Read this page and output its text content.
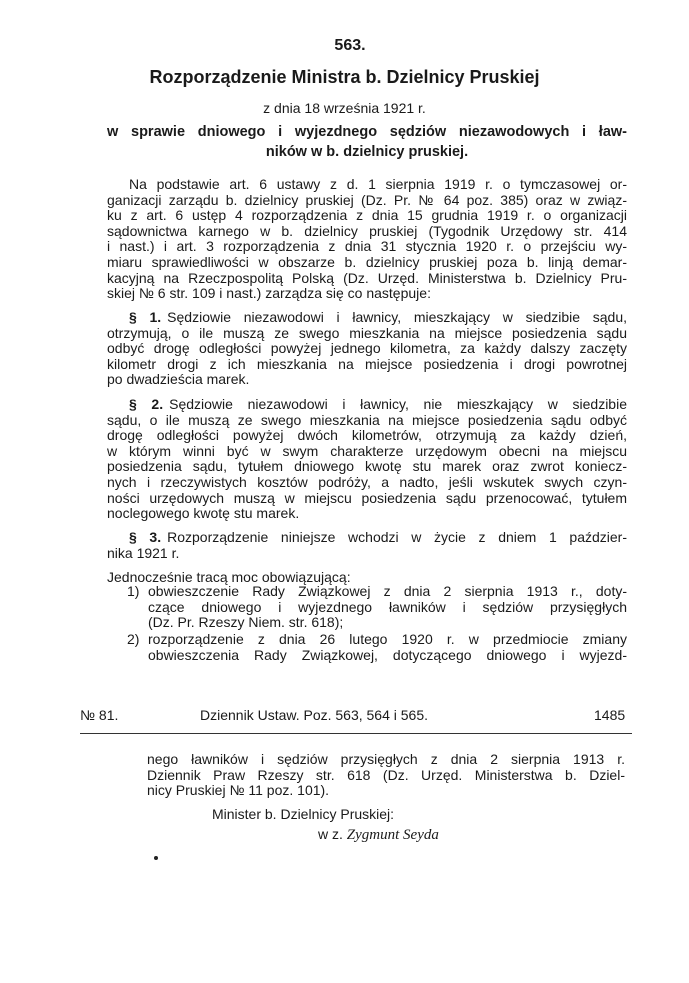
563.
Rozporządzenie Ministra b. Dzielnicy Pruskiej
z dnia 18 września 1921 r.
w sprawie dniowego i wyjezdnego sędziów niezawodowych i ław-
ników w b. dzielnicy pruskiej.
Na podstawie art. 6 ustawy z d. 1 sierpnia 1919 r. o tymczasowej or-
ganizacji zarządu b. dzielnicy pruskiej (Dz. Pr. № 64 poz. 385) oraz w związ-
ku z art. 6 ustęp 4 rozporządzenia z dnia 15 grudnia 1919 r. o organizacji
sądownictwa karnego w b. dzielnicy pruskiej (Tygodnik Urzędowy str. 414
i nast.) i art. 3 rozporządzenia z dnia 31 stycznia 1920 r. o przejściu wy-
miaru sprawiedliwości w obszarze b. dzielnicy pruskiej poza b. linją demar-
kacyjną na Rzeczpospolitą Polską (Dz. Urzęd. Ministerstwa b. Dzielnicy Pru-
skiej № 6 str. 109 i nast.) zarządza się co następuje:
§ 1. Sędziowie niezawodowi i ławnicy, mieszkający w siedzibie sądu,
otrzymują, o ile muszą ze swego mieszkania na miejsce posiedzenia sądu
odbyć drogę odległości powyżej jednego kilometra, za każdy dalszy zaczęty
kilometr drogi z ich mieszkania na miejsce posiedzenia i drogi powrotnej
po dwadzieścia marek.
§ 2. Sędziowie niezawodowi i ławnicy, nie mieszkający w siedzibie
sądu, o ile muszą ze swego mieszkania na miejsce posiedzenia sądu odbyć
drogę odległości powyżej dwóch kilometrów, otrzymują za każdy dzień,
w którym winni być w swym charakterze urzędowym obecni na miejscu
posiedzenia sądu, tytułem dniowego kwotę stu marek oraz zwrot koniecz-
nych i rzeczywistych kosztów podróży, a nadto, jeśli wskutek swych czyn-
ności urzędowych muszą w miejscu posiedzenia sądu przenocować, tytułem
noclegowego kwotę stu marek.
§ 3. Rozporządzenie niniejsze wchodzi w życie z dniem 1 paździer-
nika 1921 r.
Jednocześnie tracą moc obowiązującą:
1) obwieszczenie Rady Związkowej z dnia 2 sierpnia 1913 r., doty-
czące dniowego i wyjezdnego ławników i sędziów przysięgłych
(Dz. Pr. Rzeszy Niem. str. 618);
2) rozporządzenie z dnia 26 lutego 1920 r. w przedmiocie zmiany
obwieszczenia Rady Związkowej, dotyczącego dniowego i wyjezd-
№ 81.	Dziennik Ustaw. Poz. 563, 564 i 565.	1485
nego ławników i sędziów przysięgłych z dnia 2 sierpnia 1913 r.
Dziennik Praw Rzeszy str. 618 (Dz. Urzęd. Ministerstwa b. Dziel-
nicy Pruskiej № 11 poz. 101).
Minister b. Dzielnicy Pruskiej:
w z. Zygmunt Seyda
